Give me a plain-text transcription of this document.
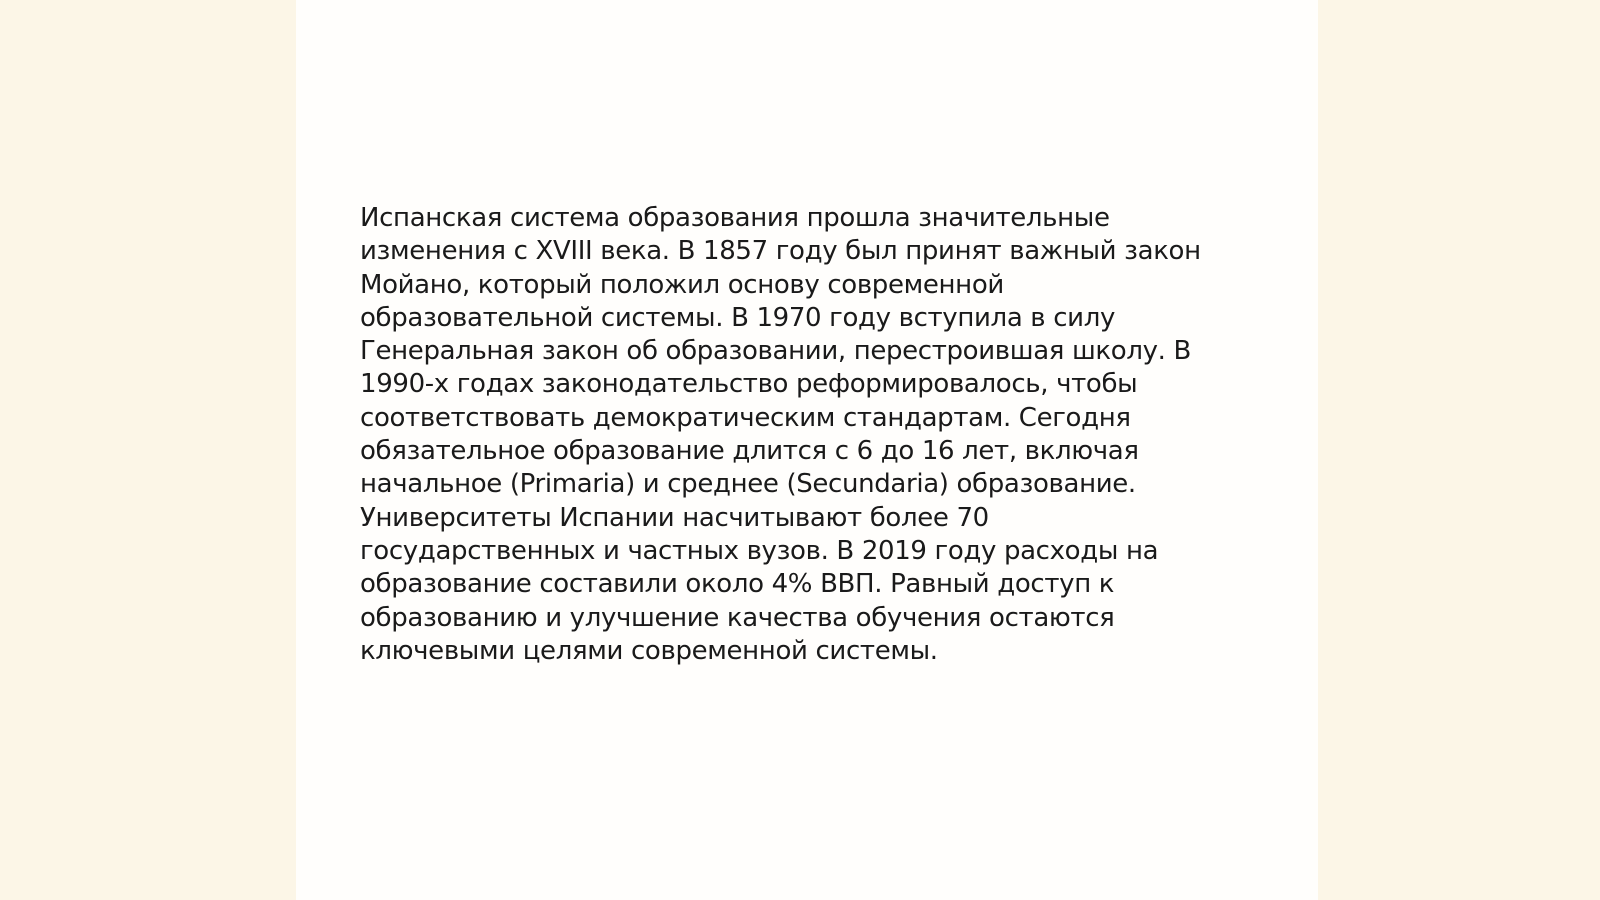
Испанская система образования прошла значительные
изменения с XVIII века. В 1857 году был принят важный закон
Мойано, который положил основу современной
образовательной системы. В 1970 году вступила в силу
Генеральная закон об образовании, перестроившая школу. В
1990-х годах законодательство реформировалось, чтобы
соответствовать демократическим стандартам. Сегодня
обязательное образование длится с 6 до 16 лет, включая
начальное (Primaria) и среднее (Secundaria) образование.
Университеты Испании насчитывают более 70
государственных и частных вузов. В 2019 году расходы на
образование составили около 4% ВВП. Равный доступ к
образованию и улучшение качества обучения остаются
ключевыми целями современной системы.
